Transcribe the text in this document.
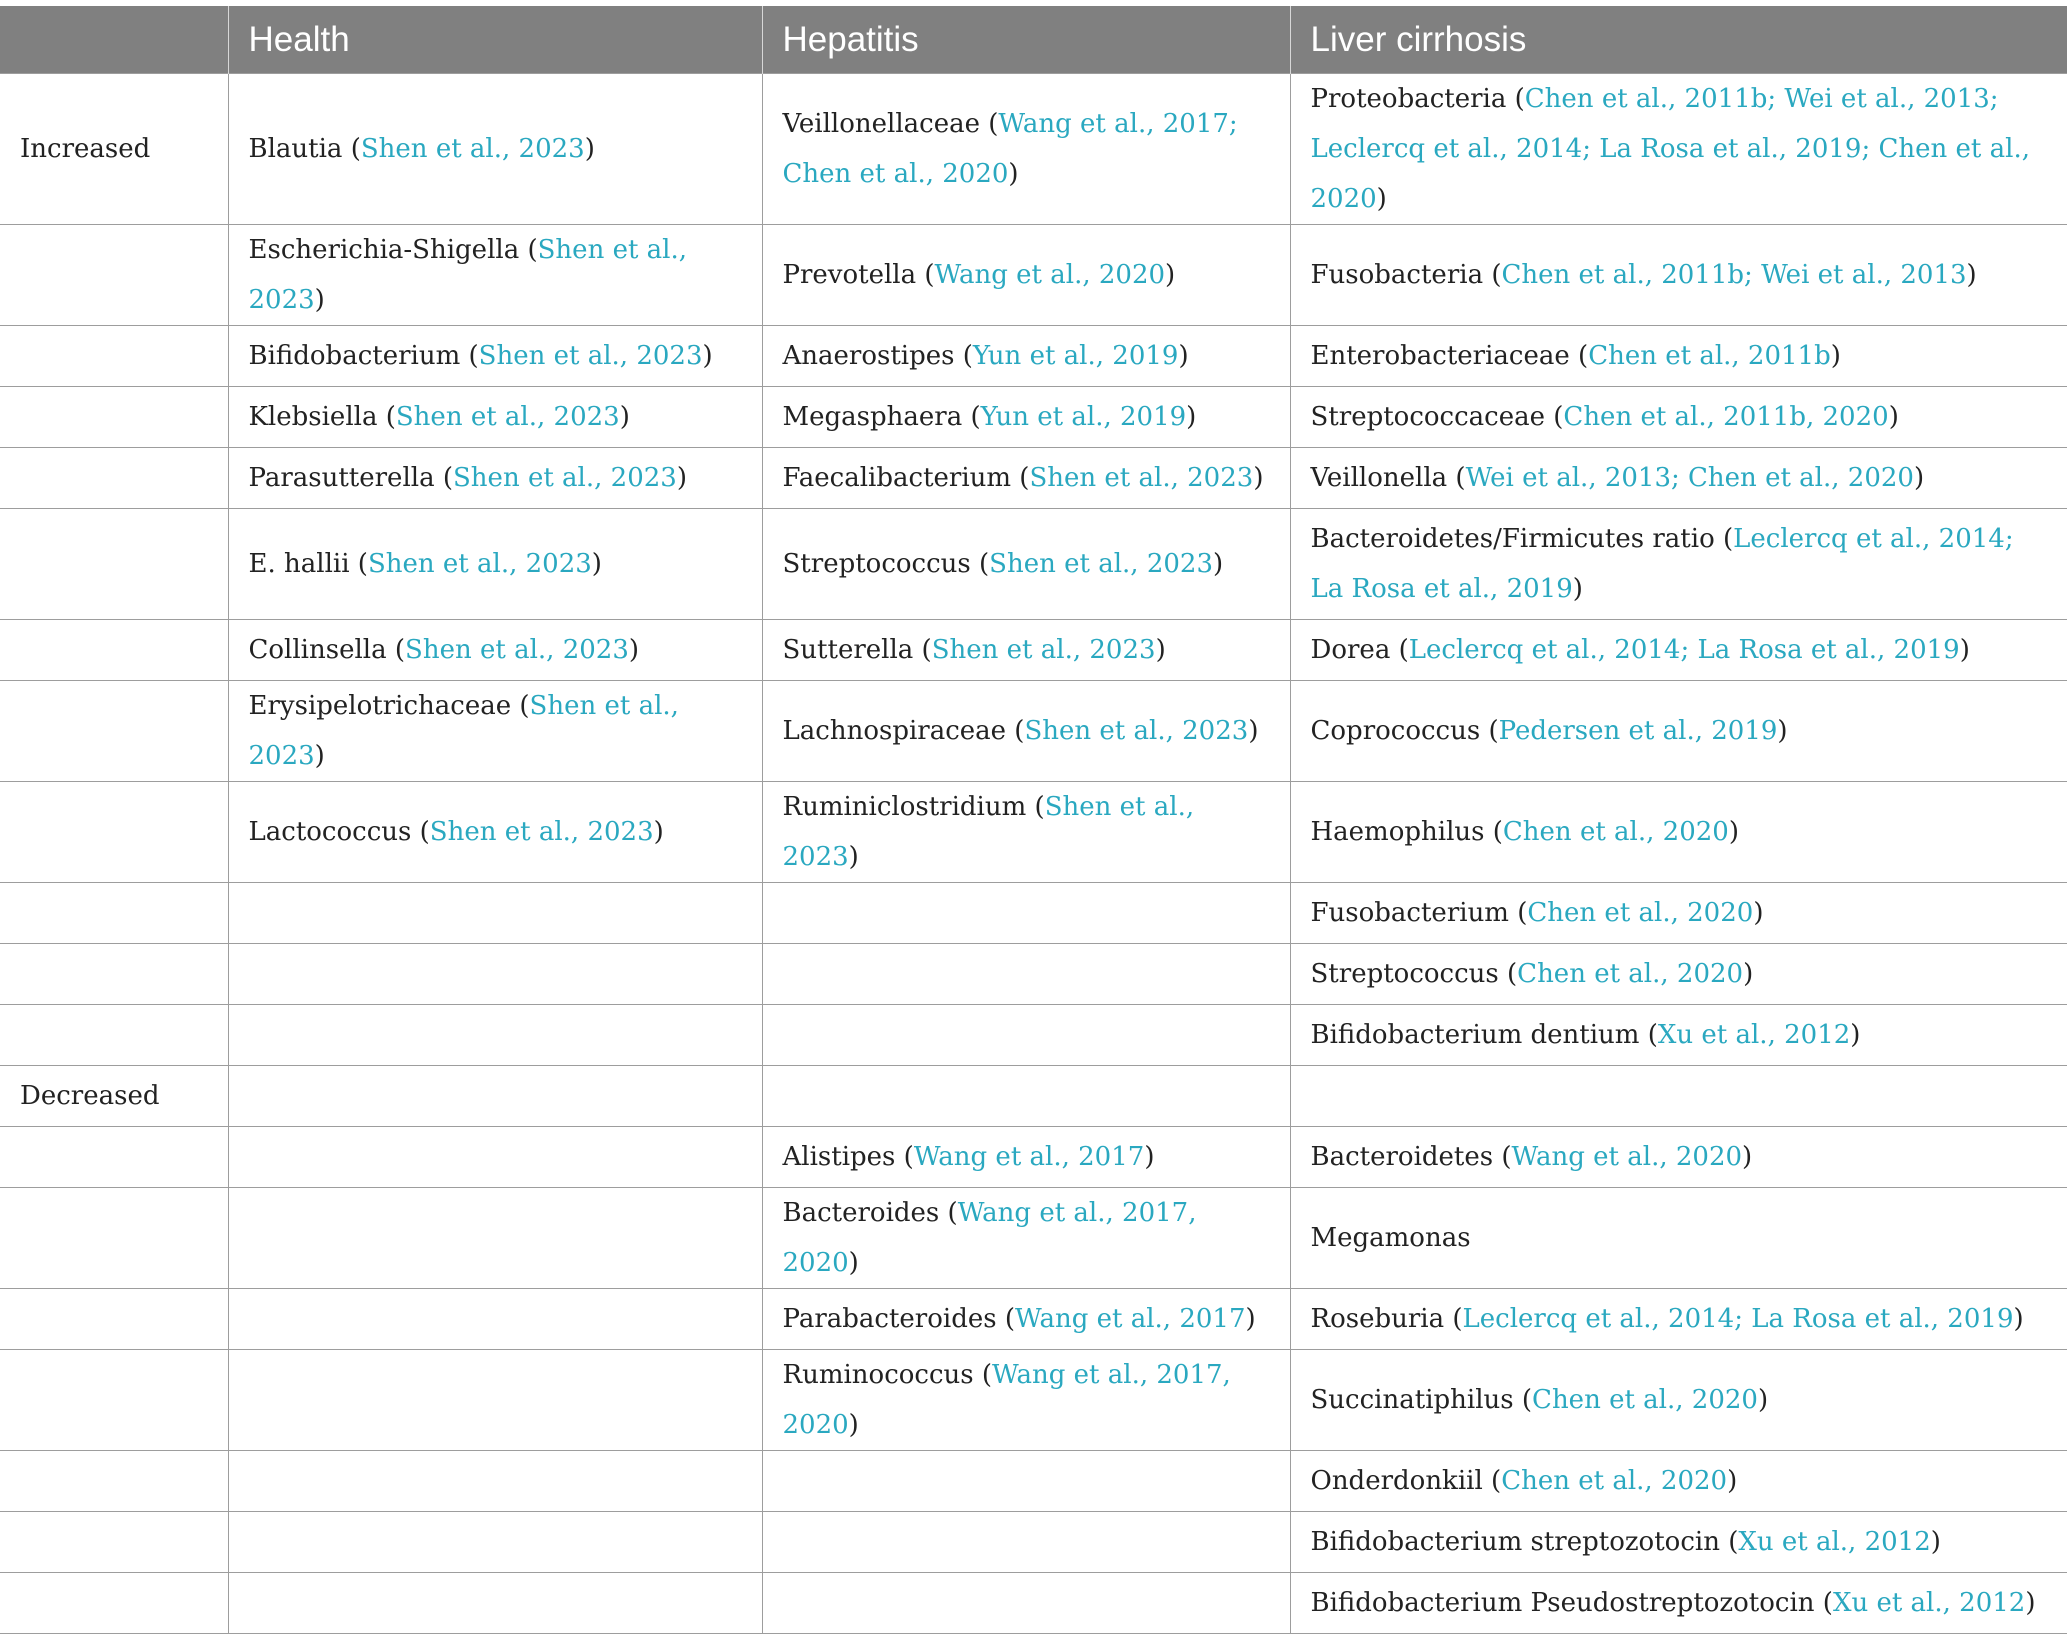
	Health	Hepatitis	Liver cirrhosis
Increased	Blautia (Shen et al., 2023)	Veillonellaceae (Wang et al., 2017; Chen et al., 2020)	Proteobacteria (Chen et al., 2011b; Wei et al., 2013; Leclercq et al., 2014; La Rosa et al., 2019; Chen et al., 2020)
	Escherichia-Shigella (Shen et al., 2023)	Prevotella (Wang et al., 2020)	Fusobacteria (Chen et al., 2011b; Wei et al., 2013)
	Bifidobacterium (Shen et al., 2023)	Anaerostipes (Yun et al., 2019)	Enterobacteriaceae (Chen et al., 2011b)
	Klebsiella (Shen et al., 2023)	Megasphaera (Yun et al., 2019)	Streptococcaceae (Chen et al., 2011b, 2020)
	Parasutterella (Shen et al., 2023)	Faecalibacterium (Shen et al., 2023)	Veillonella (Wei et al., 2013; Chen et al., 2020)
	E. hallii (Shen et al., 2023)	Streptococcus (Shen et al., 2023)	Bacteroidetes/Firmicutes ratio (Leclercq et al., 2014; La Rosa et al., 2019)
	Collinsella (Shen et al., 2023)	Sutterella (Shen et al., 2023)	Dorea (Leclercq et al., 2014; La Rosa et al., 2019)
	Erysipelotrichaceae (Shen et al., 2023)	Lachnospiraceae (Shen et al., 2023)	Coprococcus (Pedersen et al., 2019)
	Lactococcus (Shen et al., 2023)	Ruminiclostridium (Shen et al., 2023)	Haemophilus (Chen et al., 2020)
			Fusobacterium (Chen et al., 2020)
			Streptococcus (Chen et al., 2020)
			Bifidobacterium dentium (Xu et al., 2012)
Decreased			
		Alistipes (Wang et al., 2017)	Bacteroidetes (Wang et al., 2020)
		Bacteroides (Wang et al., 2017, 2020)	Megamonas
		Parabacteroides (Wang et al., 2017)	Roseburia (Leclercq et al., 2014; La Rosa et al., 2019)
		Ruminococcus (Wang et al., 2017, 2020)	Succinatiphilus (Chen et al., 2020)
			Onderdonkiil (Chen et al., 2020)
			Bifidobacterium streptozotocin (Xu et al., 2012)
			Bifidobacterium Pseudostreptozotocin (Xu et al., 2012)
